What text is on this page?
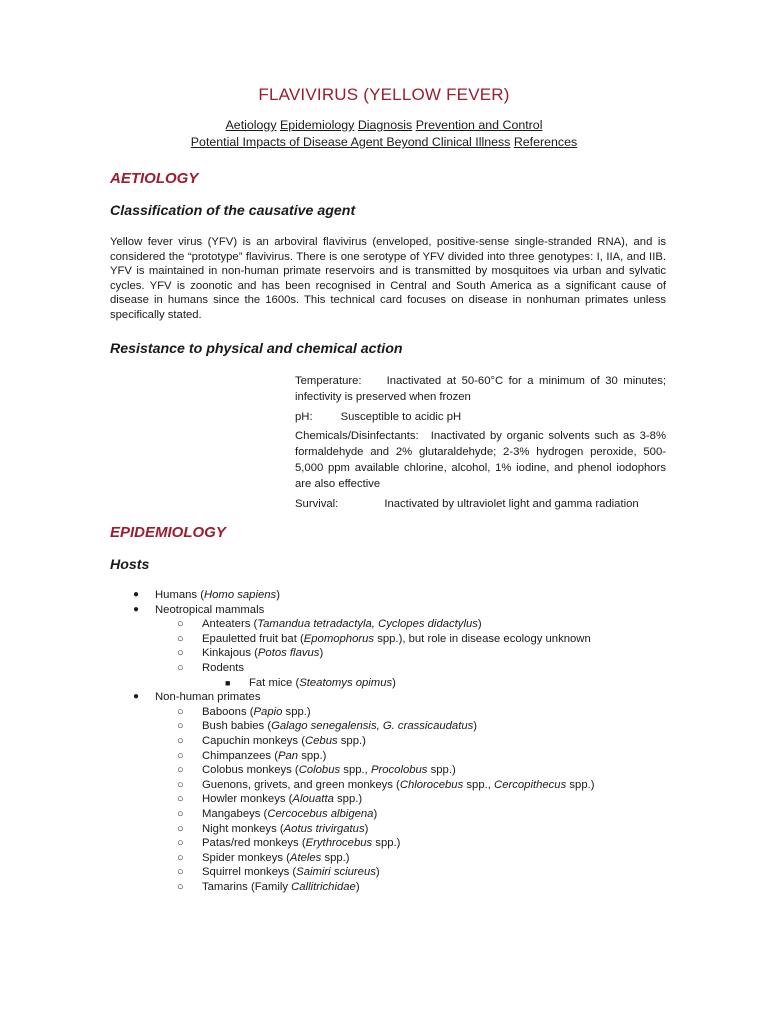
FLAVIVIRUS (YELLOW FEVER)
Aetiology Epidemiology Diagnosis Prevention and Control
Potential Impacts of Disease Agent Beyond Clinical Illness References
AETIOLOGY
Classification of the causative agent
Yellow fever virus (YFV) is an arboviral flavivirus (enveloped, positive-sense single-stranded RNA), and is considered the “prototype” flavivirus. There is one serotype of YFV divided into three genotypes: I, IIA, and IIB. YFV is maintained in non-human primate reservoirs and is transmitted by mosquitoes via urban and sylvatic cycles. YFV is zoonotic and has been recognised in Central and South America as a significant cause of disease in humans since the 1600s. This technical card focuses on disease in nonhuman primates unless specifically stated.
Resistance to physical and chemical action
Temperature: Inactivated at 50-60°C for a minimum of 30 minutes; infectivity is preserved when frozen
pH: Susceptible to acidic pH
Chemicals/Disinfectants: Inactivated by organic solvents such as 3-8% formaldehyde and 2% glutaraldehyde; 2-3% hydrogen peroxide, 500-5,000 ppm available chlorine, alcohol, 1% iodine, and phenol iodophors are also effective
Survival:	Inactivated by ultraviolet light and gamma radiation
EPIDEMIOLOGY
Hosts
● Humans (Homo sapiens)
● Neotropical mammals
○ Anteaters (Tamandua tetradactyla, Cyclopes didactylus)
○ Epauletted fruit bat (Epomophorus spp.), but role in disease ecology unknown
○ Kinkajous (Potos flavus)
○ Rodents
■ Fat mice (Steatomys opimus)
● Non-human primates
○ Baboons (Papio spp.)
○ Bush babies (Galago senegalensis, G. crassicaudatus)
○ Capuchin monkeys (Cebus spp.)
○ Chimpanzees (Pan spp.)
○ Colobus monkeys (Colobus spp., Procolobus spp.)
○ Guenons, grivets, and green monkeys (Chlorocebus spp., Cercopithecus spp.)
○ Howler monkeys (Alouatta spp.)
○ Mangabeys (Cercocebus albigena)
○ Night monkeys (Aotus trivirgatus)
○ Patas/red monkeys (Erythrocebus spp.)
○ Spider monkeys (Ateles spp.)
○ Squirrel monkeys (Saimiri sciureus)
○ Tamarins (Family Callitrichidae)
